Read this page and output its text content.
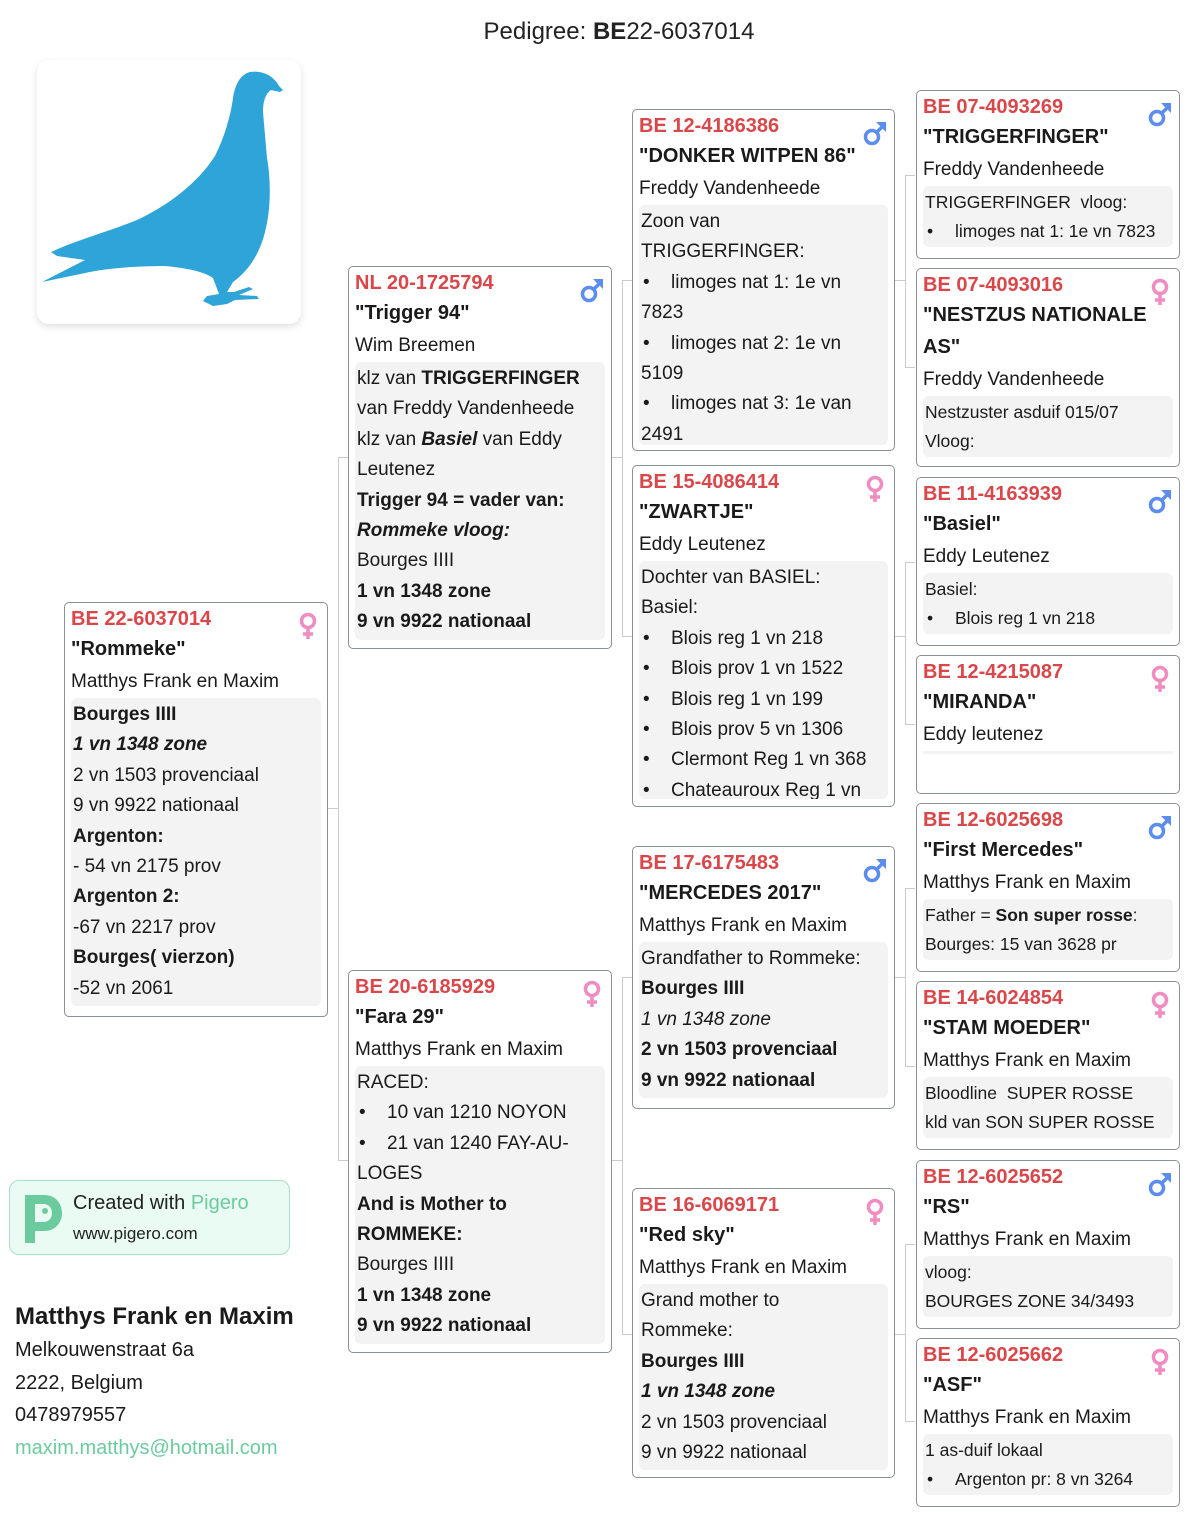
Pedigree: BE22-6037014
BE 22-6037014
"Rommeke"
Matthys Frank en Maxim
Bourges IIII
1 vn 1348 zone
2 vn 1503 provenciaal
9 vn 9922 nationaal
Argenton:
- 54 vn 2175 prov
Argenton 2:
-67 vn 2217 prov
Bourges( vierzon)
-52 vn 2061
NL 20-1725794
"Trigger 94"
Wim Breemen
klz van TRIGGERFINGER
van Freddy Vandenheede
klz van Basiel van Eddy
Leutenez
Trigger 94 = vader van:
Rommeke vloog:
Bourges IIII
1 vn 1348 zone
9 vn 9922 nationaal
BE 20-6185929
"Fara 29"
Matthys Frank en Maxim
RACED:
• 10 van 1210 NOYON
• 21 van 1240 FAY-AU-
LOGES
And is Mother to
ROMMEKE:
Bourges IIII
1 vn 1348 zone
9 vn 9922 nationaal
BE 12-4186386
"DONKER WITPEN 86"
Freddy Vandenheede
Zoon van
TRIGGERFINGER:
• limoges nat 1: 1e vn
7823
• limoges nat 2: 1e vn
5109
• limoges nat 3: 1e van
2491
BE 15-4086414
"ZWARTJE"
Eddy Leutenez
Dochter van BASIEL:
Basiel:
• Blois reg 1 vn 218
• Blois prov 1 vn 1522
• Blois reg 1 vn 199
• Blois prov 5 vn 1306
• Clermont Reg 1 vn 368
• Chateauroux Reg 1 vn
BE 17-6175483
"MERCEDES 2017"
Matthys Frank en Maxim
Grandfather to Rommeke:
Bourges IIII
1 vn 1348 zone
2 vn 1503 provenciaal
9 vn 9922 nationaal
BE 16-6069171
"Red sky"
Matthys Frank en Maxim
Grand mother to
Rommeke:
Bourges IIII
1 vn 1348 zone
2 vn 1503 provenciaal
9 vn 9922 nationaal
BE 07-4093269
"TRIGGERFINGER"
Freddy Vandenheede
TRIGGERFINGER  vloog:
• limoges nat 1: 1e vn 7823
BE 07-4093016
"NESTZUS NATIONALE
AS"
Freddy Vandenheede
Nestzuster asduif 015/07
Vloog:
BE 11-4163939
"Basiel"
Eddy Leutenez
Basiel:
• Blois reg 1 vn 218
BE 12-4215087
"MIRANDA"
Eddy leutenez
BE 12-6025698
"First Mercedes"
Matthys Frank en Maxim
Father = Son super rosse:
Bourges: 15 van 3628 pr
BE 14-6024854
"STAM MOEDER"
Matthys Frank en Maxim
Bloodline  SUPER ROSSE
kld van SON SUPER ROSSE
BE 12-6025652
"RS"
Matthys Frank en Maxim
vloog:
BOURGES ZONE 34/3493
BE 12-6025662
"ASF"
Matthys Frank en Maxim
1 as-duif lokaal
• Argenton pr: 8 vn 3264
Created with Pigero
www.pigero.com
Matthys Frank en Maxim
Melkouwenstraat 6a
2222, Belgium
0478979557
maxim.matthys@hotmail.com
